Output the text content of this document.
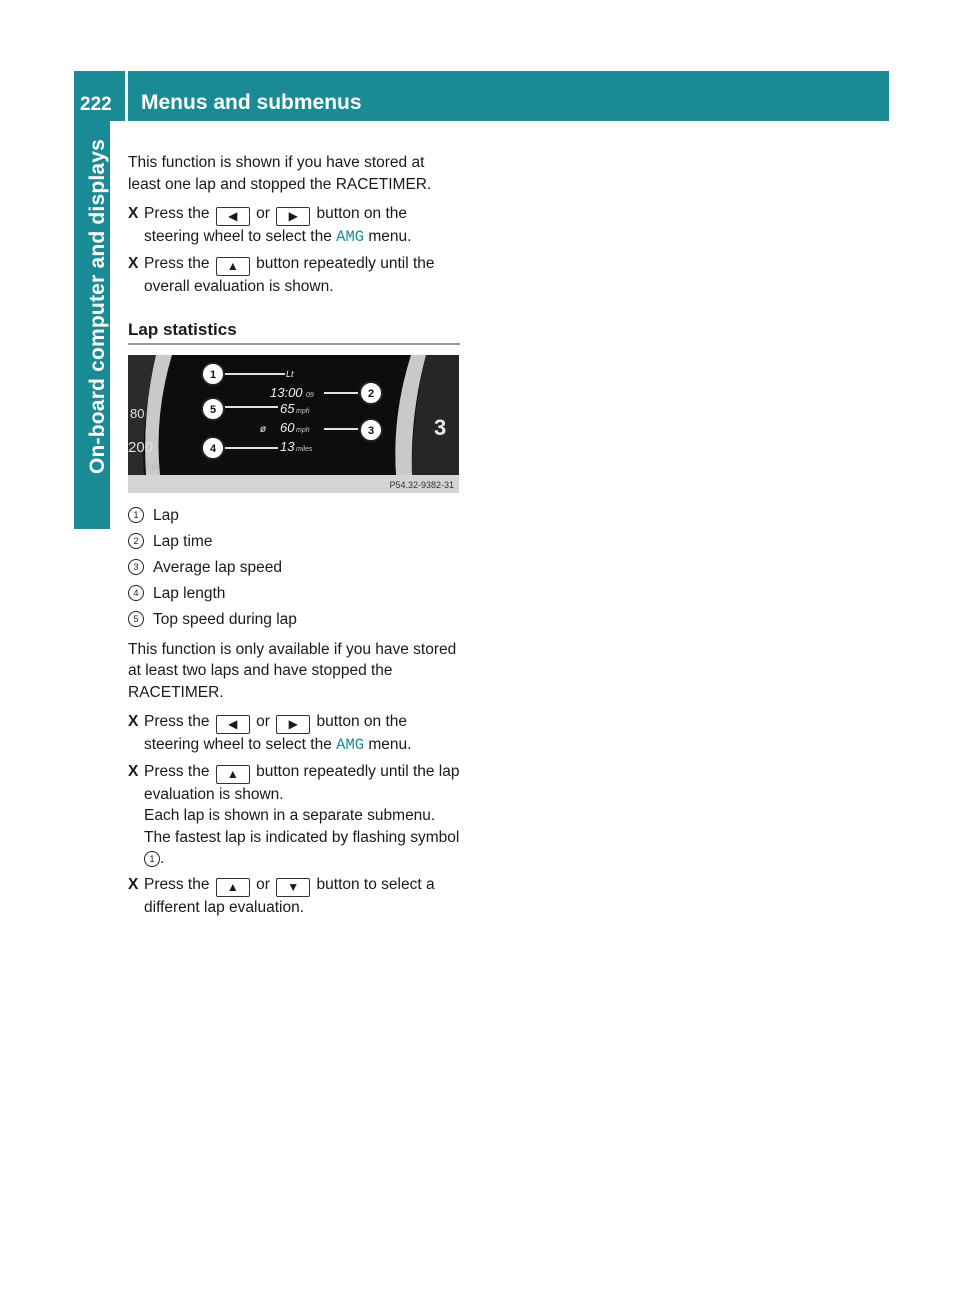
On-board computer and displays
222 Menus and submenus

This function is shown if you have stored at least one lap and stopped the RACETIMER.

X Press the ◀ or ▶ button on the steering wheel to select the AMG menu.
X Press the ▲ button repeatedly until the overall evaluation is shown.
Lap statistics
80
200
mph
3
Lt
13:00 09
65 mph
ø 60 mph
13 miles
1
5
4
2
3
P54.32-9382-31
1 Lap
2 Lap time
3 Average lap speed
4 Lap length
5 Top speed during lap

This function is only available if you have stored at least two laps and have stopped the RACETIMER.

X Press the ◀ or ▶ button on the steering wheel to select the AMG menu.
X Press the ▲ button repeatedly until the lap evaluation is shown.
Each lap is shown in a separate submenu.
The fastest lap is indicated by flashing symbol 1 .
X Press the ▲ or ▼ button to select a different lap evaluation.
